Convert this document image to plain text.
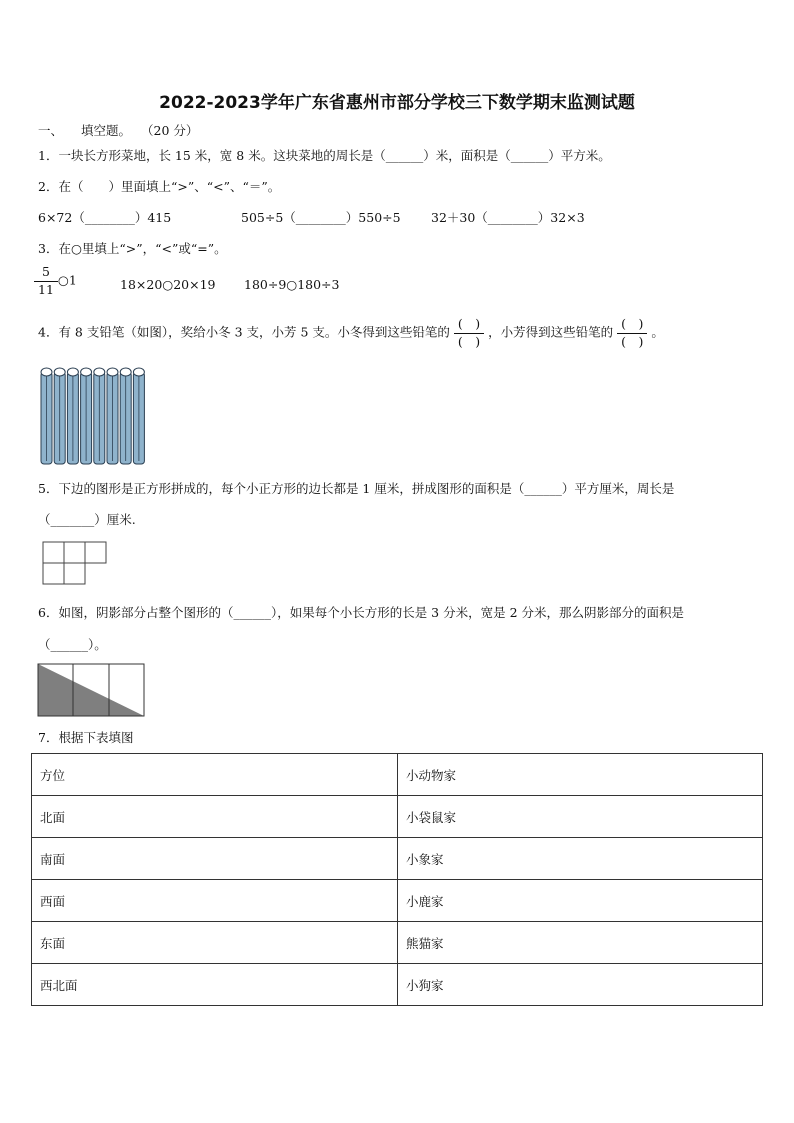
2022-2023学年广东省惠州市部分学校三下数学期末监测试题
一、 填空题。 （20 分）
1．一块长方形菜地，长 15 米，宽 8 米。这块菜地的周长是（______）米，面积是（______）平方米。
2．在（　　）里面填上“>”、“<”、“＝”。
6×72（________）415	505÷5（________）550÷5 32＋30（________）32×3
3．在○里填上“>”，“<”或“=”。
$\frac{5}{11}$ ○1	18×20○20×19 180÷9○180÷3
4．有 8 支铅笔（如图），奖给小冬 3 支，小芳 5 支。小冬得到这些铅笔的 $\frac{( )}{( )}$ ，小芳得到这些铅笔的 $\frac{( )}{( )}$ 。
5．下边的图形是正方形拼成的，每个小正方形的边长都是 1 厘米，拼成图形的面积是（______）平方厘米，周长是
（_______）厘米.
6．如图，阴影部分占整个图形的（______），如果每个小长方形的长是 3 分米，宽是 2 分米，那么阴影部分的面积是
（______）。
7．根据下表填图
方位	小动物家
北面	小袋鼠家
南面	小象家
西面	小鹿家
东面	熊猫家
西北面	小狗家
